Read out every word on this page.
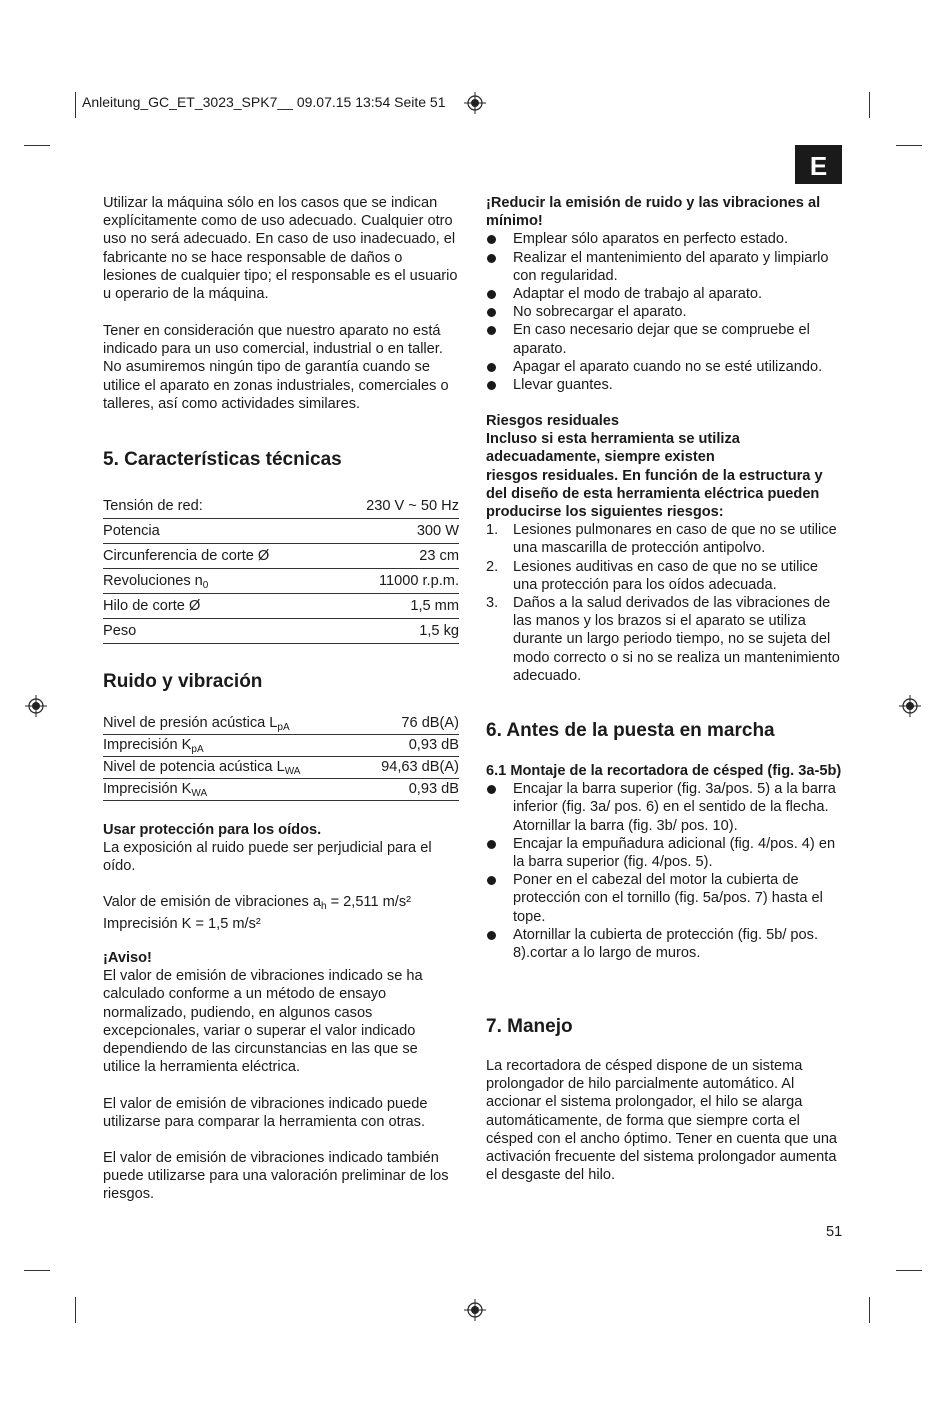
Anleitung_GC_ET_3023_SPK7__ 09.07.15 13:54 Seite 51
E

Utilizar la máquina sólo en los casos que se indican explícitamente como de uso adecuado. Cualquier otro uso no será adecuado. En caso de uso inadecuado, el fabricante no se hace responsable de daños o lesiones de cualquier tipo; el responsable es el usuario u operario de la máquina.

Tener en consideración que nuestro aparato no está indicado para un uso comercial, industrial o en taller. No asumiremos ningún tipo de garantía cuando se utilice el aparato en zonas industriales, comerciales o talleres, así como actividades similares.

5. Características técnicas
Tensión de red:	230 V ~ 50 Hz
Potencia	300 W
Circunferencia de corte Ø	23 cm
Revoluciones $n_0$	11000 r.p.m.
Hilo de corte Ø	1,5 mm
Peso	1,5 kg
Ruido y vibración
Nivel de presión acústica $L_{pA}$	76 dB(A)
Imprecisión $K_{pA}$	0,93 dB
Nivel de potencia acústica $L_{WA}$	94,63 dB(A)
Imprecisión $K_{WA}$	0,93 dB

Usar protección para los oídos.

La exposición al ruido puede ser perjudicial para el oído.

Valor de emisión de vibraciones $a_h = 2,511$ m/s²

Imprecisión K = 1,5 m/s²

¡Aviso!

El valor de emisión de vibraciones indicado se ha calculado conforme a un método de ensayo normalizado, pudiendo, en algunos casos excepcionales, variar o superar el valor indicado dependiendo de las circunstancias en las que se utilice la herramienta eléctrica.

El valor de emisión de vibraciones indicado puede utilizarse para comparar la herramienta con otras.

El valor de emisión de vibraciones indicado también puede utilizarse para una valoración preliminar de los riesgos.

¡Reducir la emisión de ruido y las vibraciones al mínimo!

Emplear sólo aparatos en perfecto estado.
Realizar el mantenimiento del aparato y limpiarlo con regularidad.
Adaptar el modo de trabajo al aparato.
No sobrecargar el aparato.
En caso necesario dejar que se compruebe el aparato.
Apagar el aparato cuando no se esté utilizando.
Llevar guantes.

Riesgos residuales

Incluso si esta herramienta se utiliza adecuadamente, siempre existen

riesgos residuales. En función de la estructura y del diseño de esta herramienta eléctrica pueden producirse los siguientes riesgos:

1. Lesiones pulmonares en caso de que no se utilice una mascarilla de protección antipolvo.
2. Lesiones auditivas en caso de que no se utilice una protección para los oídos adecuada.
3. Daños a la salud derivados de las vibraciones de las manos y los brazos si el aparato se utiliza durante un largo periodo tiempo, no se sujeta del modo correcto o si no se realiza un mantenimiento adecuado.
6. Antes de la puesta en marcha

6.1 Montaje de la recortadora de césped (fig. 3a-5b)

Encajar la barra superior (fig. 3a/pos. 5) a la barra inferior (fig. 3a/ pos. 6) en el sentido de la flecha. Atornillar la barra (fig. 3b/ pos. 10).
Encajar la empuñadura adicional (fig. 4/pos. 4) en la barra superior (fig. 4/pos. 5).
Poner en el cabezal del motor la cubierta de protección con el tornillo (fig. 5a/pos. 7) hasta el tope.
Atornillar la cubierta de protección (fig. 5b/ pos. 8).cortar a lo largo de muros.
7. Manejo

La recortadora de césped dispone de un sistema prolongador de hilo parcialmente automático. Al accionar el sistema prolongador, el hilo se alarga automáticamente, de forma que siempre corta el césped con el ancho óptimo. Tener en cuenta que una activación frecuente del sistema prolongador aumenta el desgaste del hilo.

51
